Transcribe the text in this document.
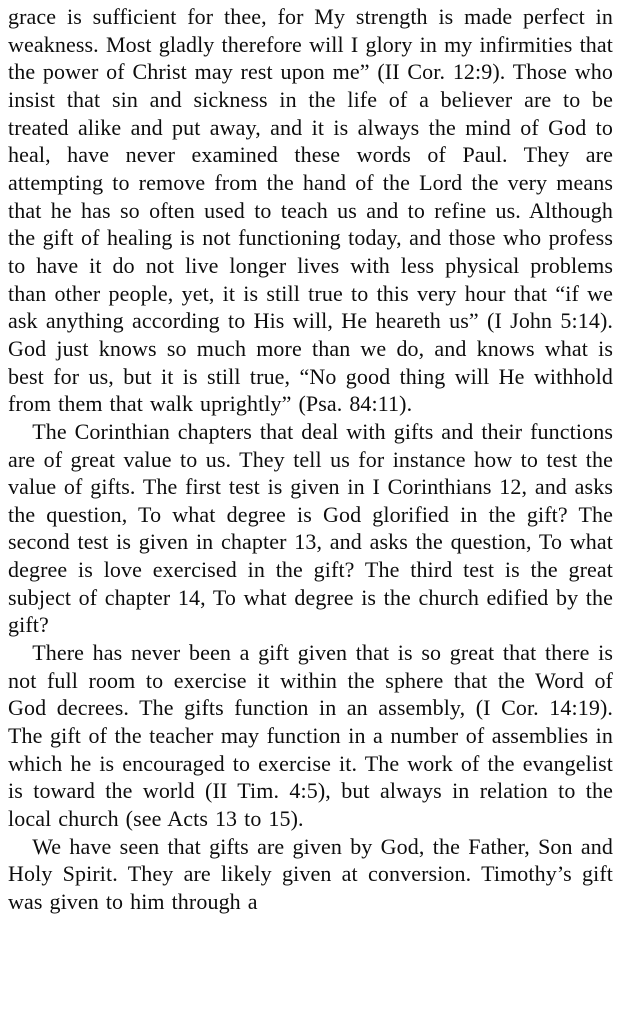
grace is sufficient for thee, for My strength is made perfect in weakness. Most gladly therefore will I glory in my infirmities that the power of Christ may rest upon me” (II Cor. 12:9). Those who insist that sin and sickness in the life of a believer are to be treated alike and put away, and it is always the mind of God to heal, have never examined these words of Paul. They are attempting to remove from the hand of the Lord the very means that he has so often used to teach us and to refine us. Although the gift of healing is not functioning today, and those who profess to have it do not live longer lives with less physical problems than other people, yet, it is still true to this very hour that “if we ask anything according to His will, He heareth us” (I John 5:14). God just knows so much more than we do, and knows what is best for us, but it is still true, “No good thing will He withhold from them that walk uprightly” (Psa. 84:11).

The Corinthian chapters that deal with gifts and their functions are of great value to us. They tell us for instance how to test the value of gifts. The first test is given in I Corinthians 12, and asks the question, To what degree is God glorified in the gift? The second test is given in chapter 13, and asks the question, To what degree is love exercised in the gift? The third test is the great subject of chapter 14, To what degree is the church edified by the gift?

There has never been a gift given that is so great that there is not full room to exercise it within the sphere that the Word of God decrees. The gifts function in an assembly, (I Cor. 14:19). The gift of the teacher may function in a number of assemblies in which he is encouraged to exercise it. The work of the evangelist is toward the world (II Tim. 4:5), but always in relation to the local church (see Acts 13 to 15).

We have seen that gifts are given by God, the Father, Son and Holy Spirit. They are likely given at conversion. Timothy’s gift was given to him through a
